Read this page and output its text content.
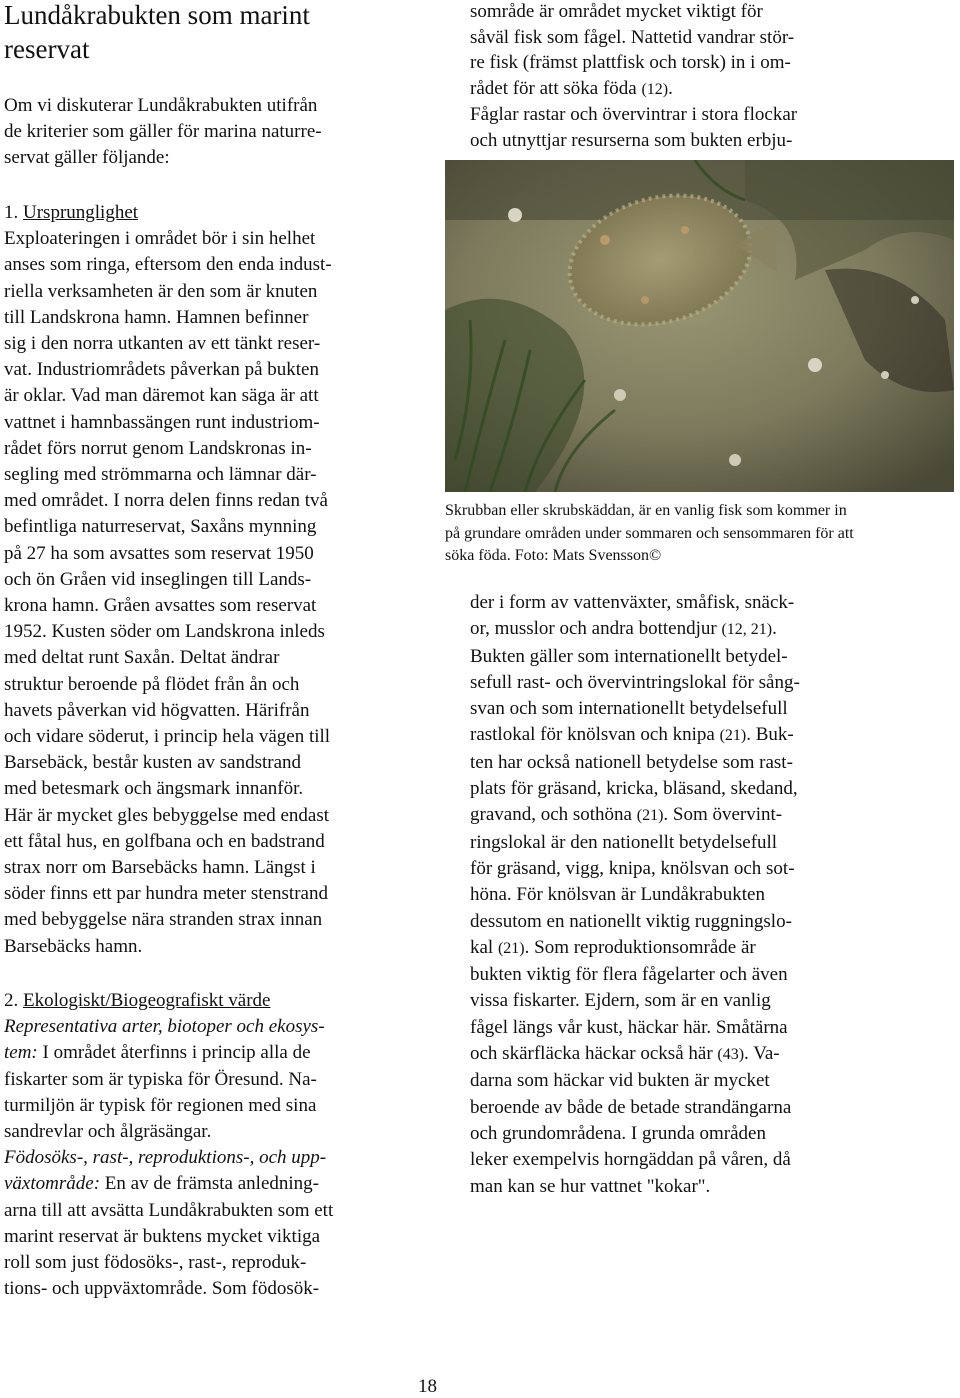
Lundåkrabukten som marint
reservat
Om vi diskuterar Lundåkrabukten utifrån
de kriterier som gäller för marina naturre-
servat gäller följande:
1. Ursprunglighet
Exploateringen i området bör i sin helhet
anses som ringa, eftersom den enda indust-
riella verksamheten är den som är knuten
till Landskrona hamn. Hamnen befinner
sig i den norra utkanten av ett tänkt reser-
vat. Industriområdets påverkan på bukten
är oklar. Vad man däremot kan säga är att
vattnet i hamnbassängen runt industriom-
rådet förs norrut genom Landskronas in-
segling med strömmarna och lämnar där-
med området. I norra delen finns redan två
befintliga naturreservat, Saxåns mynning
på 27 ha som avsattes som reservat 1950
och ön Gråen vid inseglingen till Lands-
krona hamn. Gråen avsattes som reservat
1952. Kusten söder om Landskrona inleds
med deltat runt Saxån. Deltat ändrar
struktur beroende på flödet från ån och
havets påverkan vid högvatten. Härifrån
och vidare söderut, i princip hela vägen till
Barsebäck, består kusten av sandstrand
med betesmark och ängsmark innanför.
Här är mycket gles bebyggelse med endast
ett fåtal hus, en golfbana och en badstrand
strax norr om Barsebäcks hamn. Längst i
söder finns ett par hundra meter stenstrand
med bebyggelse nära stranden strax innan
Barsebäcks hamn.
2. Ekologiskt/Biogeografiskt värde
Representativa arter, biotoper och ekosys-
tem: I området återfinns i princip alla de
fiskarter som är typiska för Öresund. Na-
turmiljön är typisk för regionen med sina
sandrevlar och ålgräsängar.
Födosöks-, rast-, reproduktions-, och upp-
växtområde: En av de främsta anledning-
arna till att avsätta Lundåkrabukten som ett
marint reservat är buktens mycket viktiga
roll som just födosöks-, rast-, reproduk-
tions- och uppväxtområde. Som födosök-
sområde är området mycket viktigt för
såväl fisk som fågel. Nattetid vandrar stör-
re fisk (främst plattfisk och torsk) in i om-
rådet för att söka föda (12).
Fåglar rastar och övervintrar i stora flockar
och utnyttjar resurserna som bukten erbju-
Skrubban eller skrubskäddan, är en vanlig fisk som kommer in
på grundare områden under sommaren och sensommaren för att
söka föda. Foto: Mats Svensson©
der i form av vattenväxter, småfisk, snäck-
or, musslor och andra bottendjur (12, 21).
Bukten gäller som internationellt betydel-
sefull rast- och övervintringslokal för sång-
svan och som internationellt betydelsefull
rastlokal för knölsvan och knipa (21). Buk-
ten har också nationell betydelse som rast-
plats för gräsand, kricka, bläsand, skedand,
gravand, och sothöna (21). Som övervint-
ringslokal är den nationellt betydelsefull
för gräsand, vigg, knipa, knölsvan och sot-
höna. För knölsvan är Lundåkrabukten
dessutom en nationellt viktig ruggningslo-
kal (21). Som reproduktionsområde är
bukten viktig för flera fågelarter och även
vissa fiskarter. Ejdern, som är en vanlig
fågel längs vår kust, häckar här. Småtärna
och skärfläcka häckar också här (43). Va-
darna som häckar vid bukten är mycket
beroende av både de betade strandängarna
och grundområdena. I grunda områden
leker exempelvis horngäddan på våren, då
man kan se hur vattnet "kokar".
18
